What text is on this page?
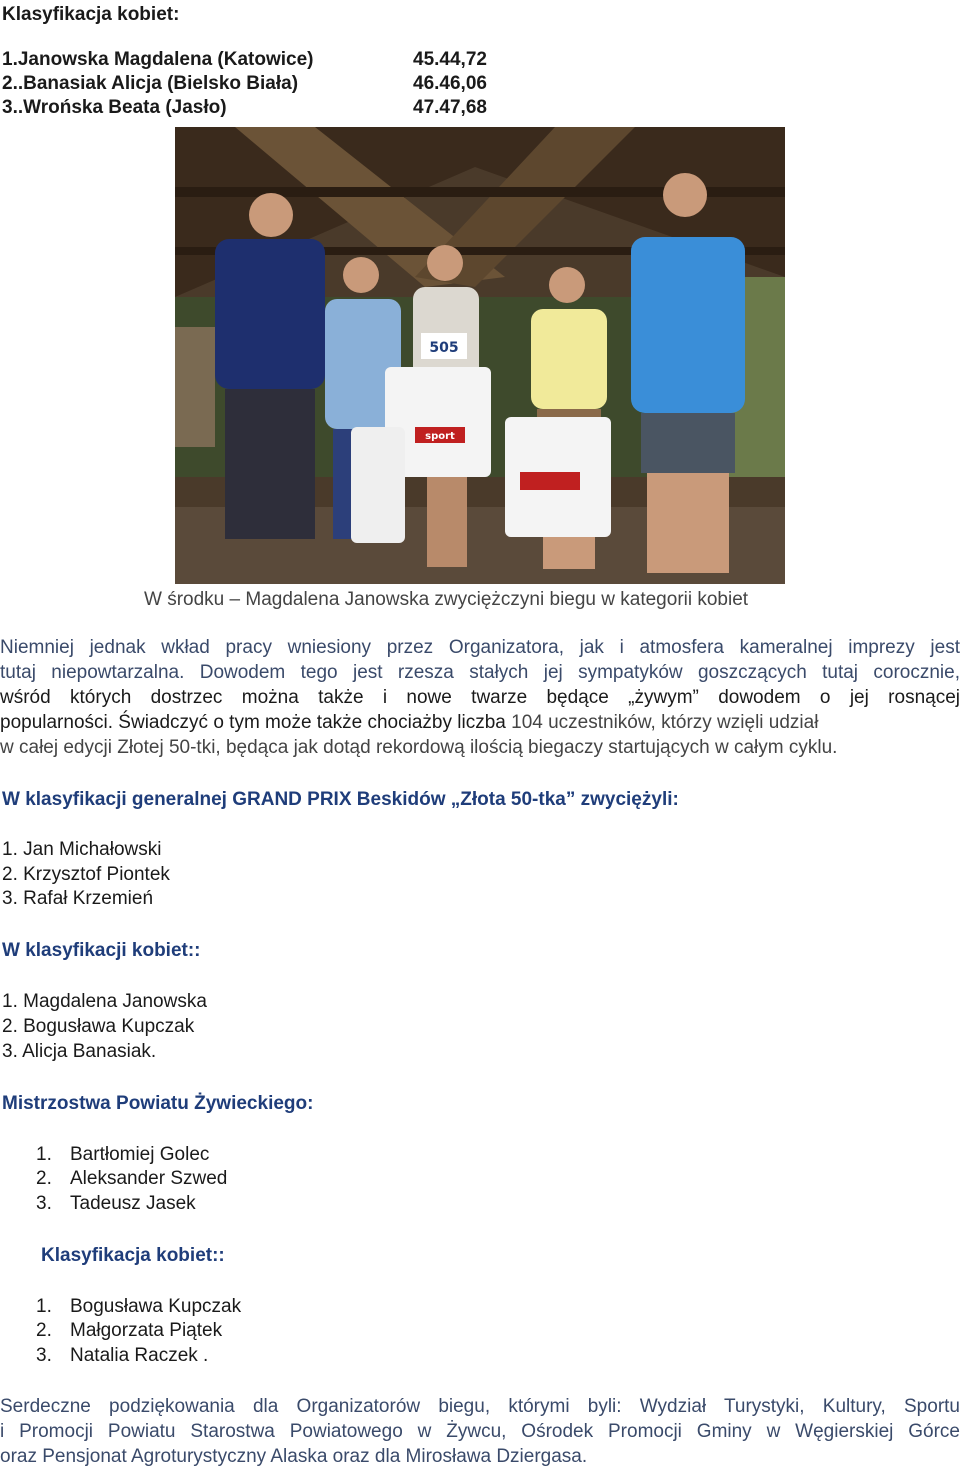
Klasyfikacja kobiet:
1.Janowska Magdalena (Katowice)	45.44,72
2..Banasiak Alicja (Bielsko Biała)	46.46,06
3..Wrońska Beata (Jasło)	47.47,68
505
sport
W środku – Magdalena Janowska zwyciężczyni biegu w kategorii kobiet
Niemniej jednak wkład pracy wniesiony przez Organizatora, jak i atmosfera kameralnej imprezy jest
tutaj niepowtarzalna. Dowodem tego jest rzesza stałych jej sympatyków goszczących tutaj corocznie,
wśród których dostrzec można także i nowe twarze będące „żywym” dowodem o jej rosnącej
popularności. Świadczyć o tym może także chociażby liczba 104 uczestników, którzy wzięli udział
w całej edycji Złotej 50-tki, będąca jak dotąd rekordową ilością biegaczy startujących w całym cyklu.
W klasyfikacji generalnej GRAND PRIX Beskidów „Złota 50-tka” zwyciężyli:
1. Jan Michałowski
2. Krzysztof Piontek
3. Rafał Krzemień
W klasyfikacji kobiet::
1. Magdalena Janowska
2. Bogusława Kupczak
3. Alicja Banasiak.
Mistrzostwa Powiatu Żywieckiego:
1. Bartłomiej Golec
2. Aleksander Szwed
3. Tadeusz Jasek
Klasyfikacja kobiet::
1. Bogusława Kupczak
2. Małgorzata Piątek
3. Natalia Raczek .
Serdeczne podziękowania dla Organizatorów biegu, którymi byli: Wydział Turystyki, Kultury, Sportu
i Promocji Powiatu Starostwa Powiatowego w Żywcu, Ośrodek Promocji Gminy w Węgierskiej Górce
oraz Pensjonat Agroturystyczny Alaska oraz dla Mirosława Dziergasa.
